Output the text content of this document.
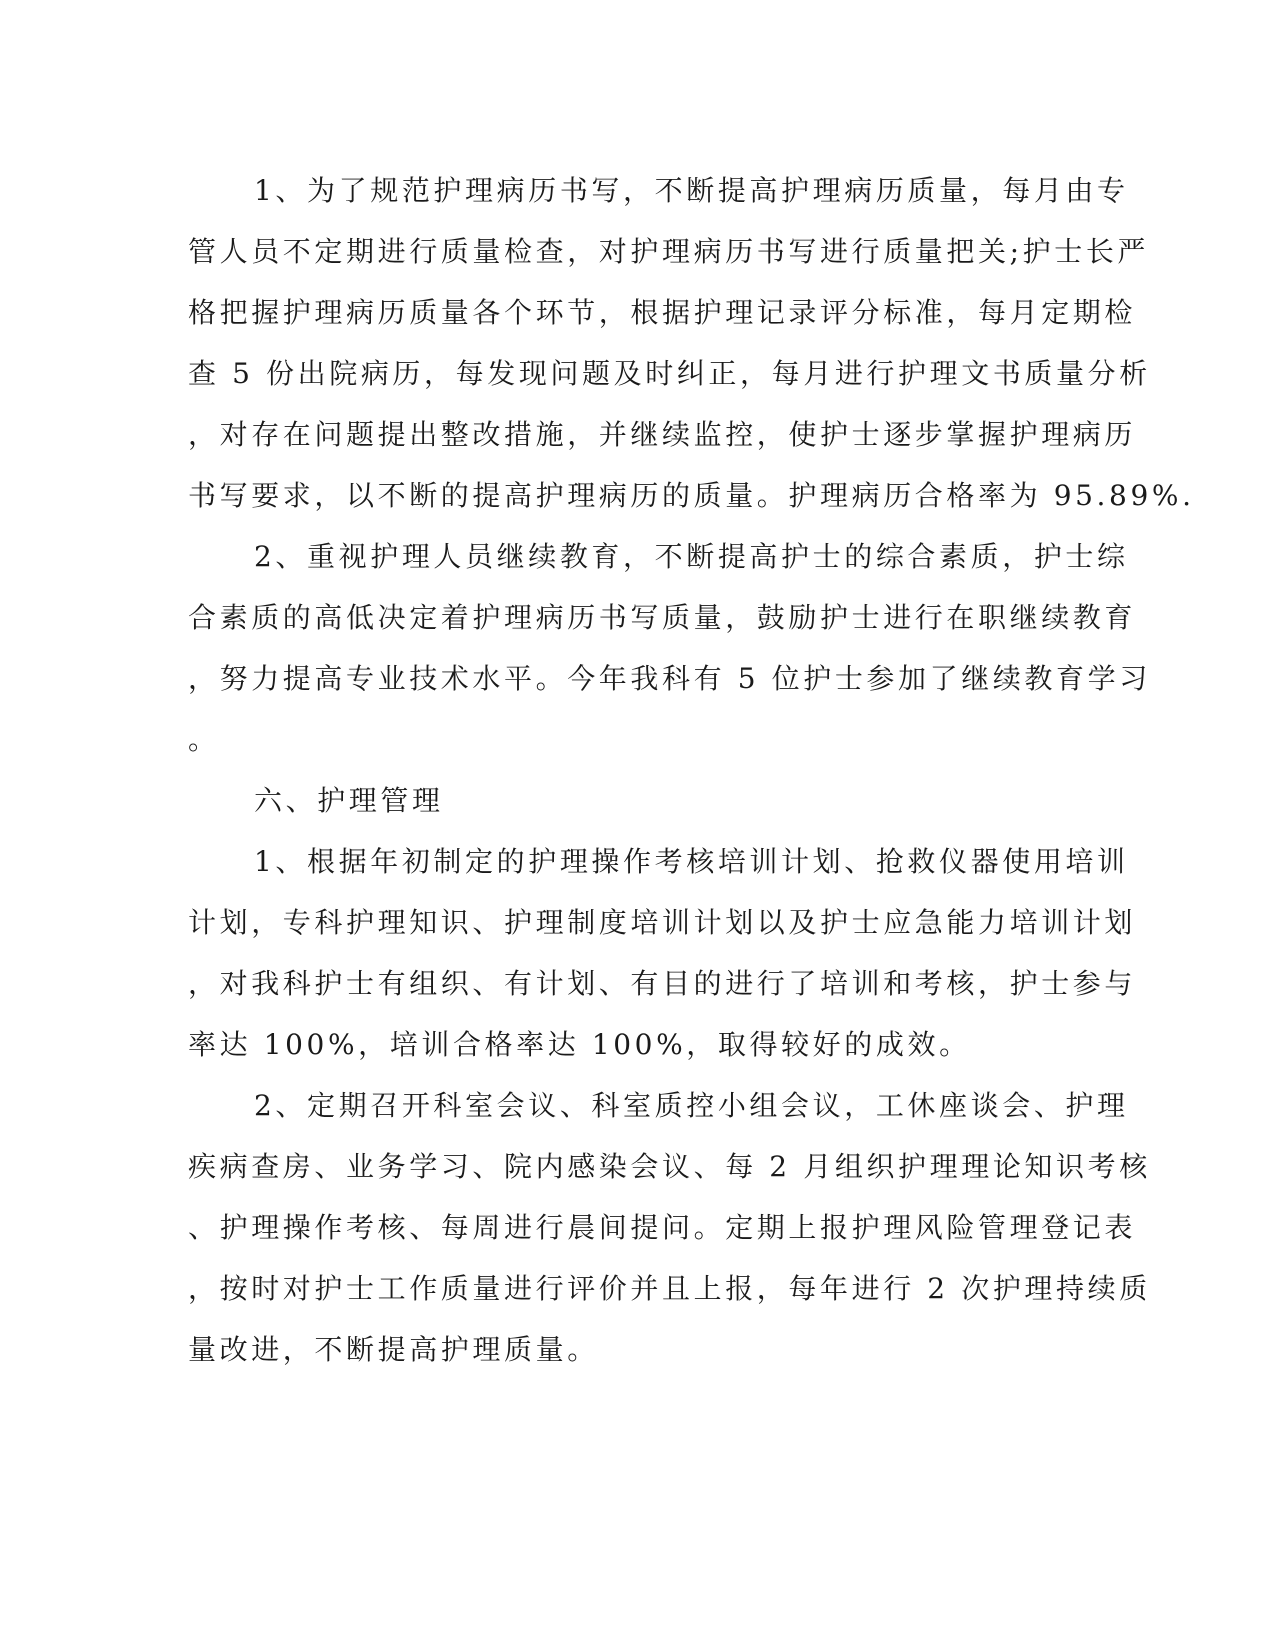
1、为了规范护理病历书写，不断提高护理病历质量，每月由专
管人员不定期进行质量检查，对护理病历书写进行质量把关;护士长严
格把握护理病历质量各个环节，根据护理记录评分标准，每月定期检
查 5 份出院病历，每发现问题及时纠正，每月进行护理文书质量分析
，对存在问题提出整改措施，并继续监控，使护士逐步掌握护理病历
书写要求，以不断的提高护理病历的质量。护理病历合格率为 95.89%.
2、重视护理人员继续教育，不断提高护士的综合素质，护士综
合素质的高低决定着护理病历书写质量，鼓励护士进行在职继续教育
，努力提高专业技术水平。今年我科有 5 位护士参加了继续教育学习
。
六、护理管理
1、根据年初制定的护理操作考核培训计划、抢救仪器使用培训
计划，专科护理知识、护理制度培训计划以及护士应急能力培训计划
，对我科护士有组织、有计划、有目的进行了培训和考核，护士参与
率达 100%，培训合格率达 100%，取得较好的成效。
2、定期召开科室会议、科室质控小组会议，工休座谈会、护理
疾病查房、业务学习、院内感染会议、每 2 月组织护理理论知识考核
、护理操作考核、每周进行晨间提问。定期上报护理风险管理登记表
，按时对护士工作质量进行评价并且上报，每年进行 2 次护理持续质
量改进，不断提高护理质量。
